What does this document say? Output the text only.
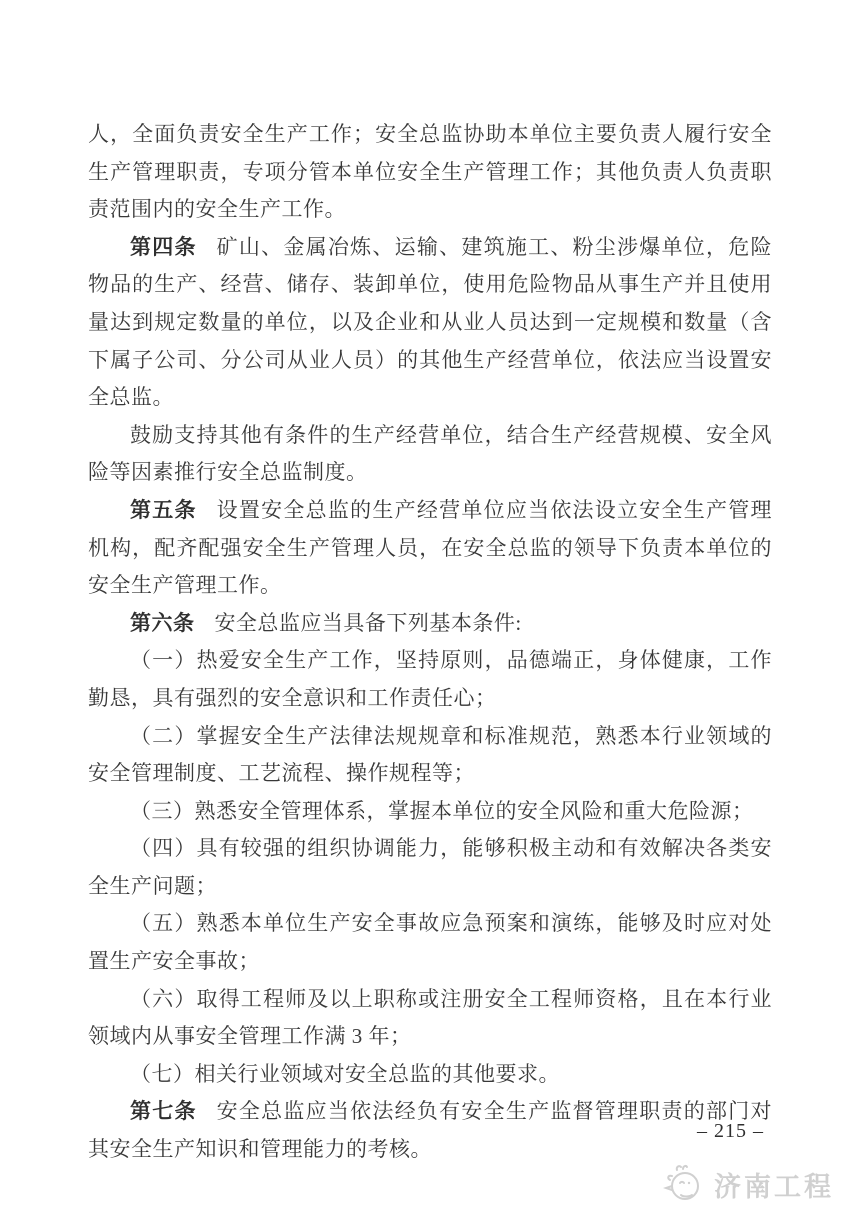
人，全面负责安全生产工作；安全总监协助本单位主要负责人履行安全生产管理职责，专项分管本单位安全生产管理工作；其他负责人负责职责范围内的安全生产工作。

第四条 矿山、金属冶炼、运输、建筑施工、粉尘涉爆单位，危险物品的生产、经营、储存、装卸单位，使用危险物品从事生产并且使用量达到规定数量的单位，以及企业和从业人员达到一定规模和数量（含下属子公司、分公司从业人员）的其他生产经营单位，依法应当设置安全总监。

鼓励支持其他有条件的生产经营单位，结合生产经营规模、安全风险等因素推行安全总监制度。

第五条 设置安全总监的生产经营单位应当依法设立安全生产管理机构，配齐配强安全生产管理人员，在安全总监的领导下负责本单位的安全生产管理工作。

第六条 安全总监应当具备下列基本条件:

（一）热爱安全生产工作，坚持原则，品德端正，身体健康，工作勤恳，具有强烈的安全意识和工作责任心；

（二）掌握安全生产法律法规规章和标准规范，熟悉本行业领域的安全管理制度、工艺流程、操作规程等；

（三）熟悉安全管理体系，掌握本单位的安全风险和重大危险源；

（四）具有较强的组织协调能力，能够积极主动和有效解决各类安全生产问题；

（五）熟悉本单位生产安全事故应急预案和演练，能够及时应对处置生产安全事故；

（六）取得工程师及以上职称或注册安全工程师资格，且在本行业领域内从事安全管理工作满 3 年；

（七）相关行业领域对安全总监的其他要求。

第七条 安全总监应当依法经负有安全生产监督管理职责的部门对其安全生产知识和管理能力的考核。

– 215 –
济南工程
